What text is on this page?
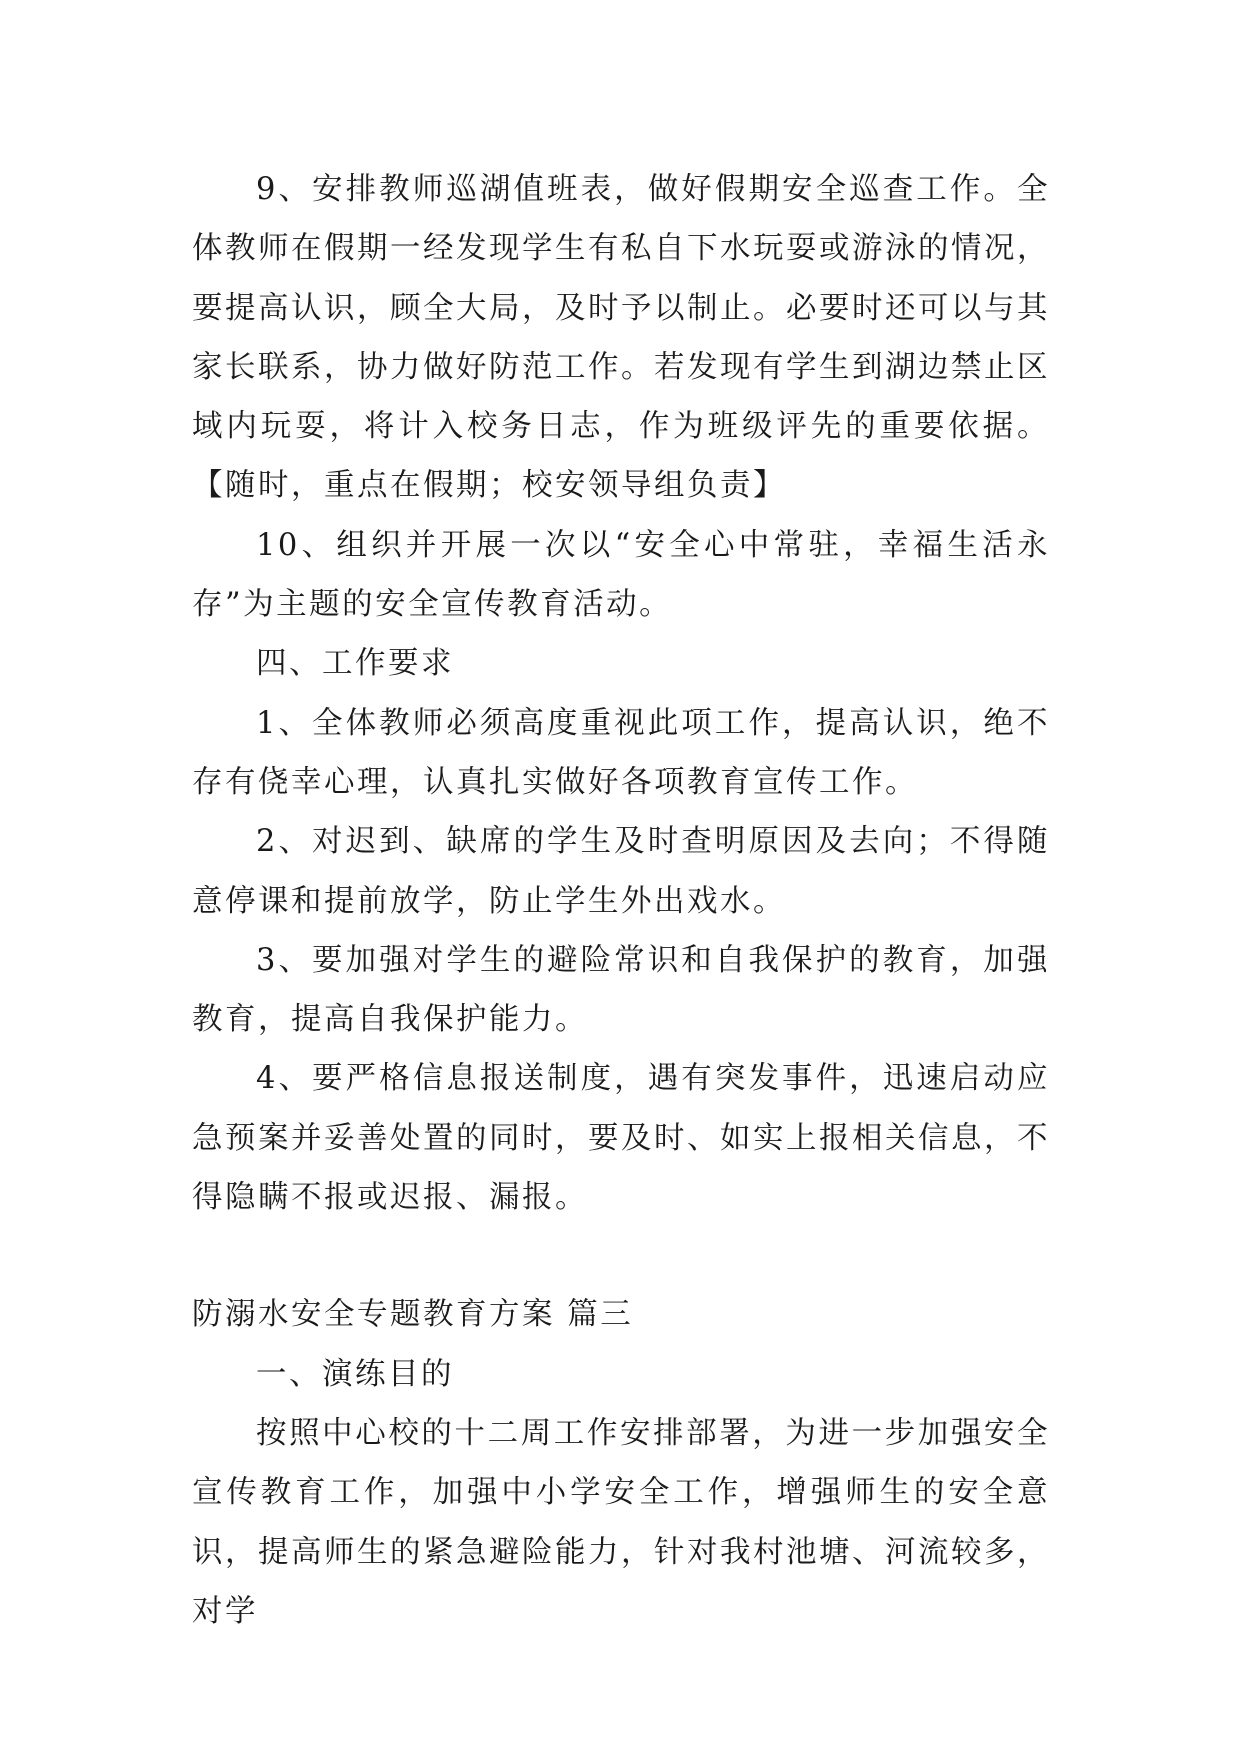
9、安排教师巡湖值班表，做好假期安全巡查工作。全体教师在假期一经发现学生有私自下水玩耍或游泳的情况，要提高认识，顾全大局，及时予以制止。必要时还可以与其家长联系，协力做好防范工作。若发现有学生到湖边禁止区域内玩耍，将计入校务日志，作为班级评先的重要依据。【随时，重点在假期；校安领导组负责】

10、组织并开展一次以“安全心中常驻，幸福生活永存”为主题的安全宣传教育活动。

四、工作要求

1、全体教师必须高度重视此项工作，提高认识，绝不存有侥幸心理，认真扎实做好各项教育宣传工作。

2、对迟到、缺席的学生及时查明原因及去向；不得随意停课和提前放学，防止学生外出戏水。

3、要加强对学生的避险常识和自我保护的教育，加强教育，提高自我保护能力。

4、要严格信息报送制度，遇有突发事件，迅速启动应急预案并妥善处置的同时，要及时、如实上报相关信息，不得隐瞒不报或迟报、漏报。

防溺水安全专题教育方案 篇三

一、演练目的

按照中心校的十二周工作安排部署，为进一步加强安全宣传教育工作，加强中小学安全工作，增强师生的安全意识，提高师生的紧急避险能力，针对我村池塘、河流较多，对学
